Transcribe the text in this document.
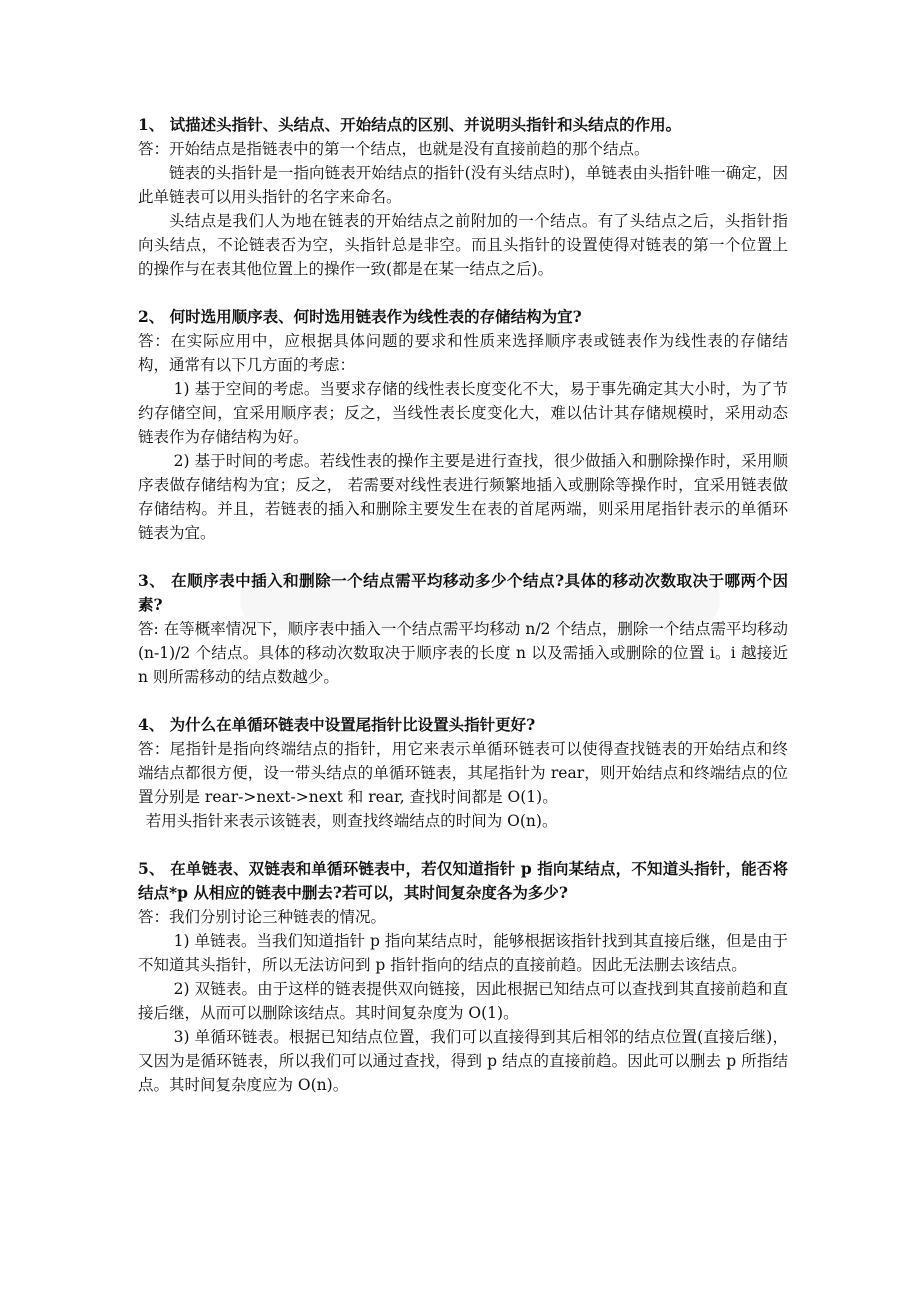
1、 试描述头指针、头结点、开始结点的区别、并说明头指针和头结点的作用。

答：开始结点是指链表中的第一个结点，也就是没有直接前趋的那个结点。

链表的头指针是一指向链表开始结点的指针(没有头结点时)，单链表由头指针唯一确定，因此单链表可以用头指针的名字来命名。

头结点是我们人为地在链表的开始结点之前附加的一个结点。有了头结点之后，头指针指向头结点，不论链表否为空，头指针总是非空。而且头指针的设置使得对链表的第一个位置上的操作与在表其他位置上的操作一致(都是在某一结点之后)。

2、 何时选用顺序表、何时选用链表作为线性表的存储结构为宜?

答：在实际应用中，应根据具体问题的要求和性质来选择顺序表或链表作为线性表的存储结构，通常有以下几方面的考虑：

1) 基于空间的考虑。当要求存储的线性表长度变化不大，易于事先确定其大小时，为了节约存储空间，宜采用顺序表；反之，当线性表长度变化大，难以估计其存储规模时，采用动态链表作为存储结构为好。

2) 基于时间的考虑。若线性表的操作主要是进行查找，很少做插入和删除操作时，采用顺序表做存储结构为宜；反之， 若需要对线性表进行频繁地插入或删除等操作时，宜采用链表做存储结构。并且，若链表的插入和删除主要发生在表的首尾两端，则采用尾指针表示的单循环链表为宜。

3、 在顺序表中插入和删除一个结点需平均移动多少个结点?具体的移动次数取决于哪两个因素?

答: 在等概率情况下，顺序表中插入一个结点需平均移动 n/2 个结点，删除一个结点需平均移动(n-1)/2 个结点。具体的移动次数取决于顺序表的长度 n 以及需插入或删除的位置 i。i 越接近 n 则所需移动的结点数越少。

4、 为什么在单循环链表中设置尾指针比设置头指针更好?

答：尾指针是指向终端结点的指针，用它来表示单循环链表可以使得查找链表的开始结点和终端结点都很方便，设一带头结点的单循环链表，其尾指针为 rear，则开始结点和终端结点的位置分别是 rear->next->next 和 rear, 查找时间都是 O(1)。

若用头指针来表示该链表，则查找终端结点的时间为 O(n)。

5、 在单链表、双链表和单循环链表中，若仅知道指针 p 指向某结点，不知道头指针，能否将结点*p 从相应的链表中删去?若可以，其时间复杂度各为多少?

答：我们分别讨论三种链表的情况。

1) 单链表。当我们知道指针 p 指向某结点时，能够根据该指针找到其直接后继，但是由于不知道其头指针，所以无法访问到 p 指针指向的结点的直接前趋。因此无法删去该结点。

2) 双链表。由于这样的链表提供双向链接，因此根据已知结点可以查找到其直接前趋和直接后继，从而可以删除该结点。其时间复杂度为 O(1)。

3) 单循环链表。根据已知结点位置，我们可以直接得到其后相邻的结点位置(直接后继)，又因为是循环链表，所以我们可以通过查找，得到 p 结点的直接前趋。因此可以删去 p 所指结点。其时间复杂度应为 O(n)。
